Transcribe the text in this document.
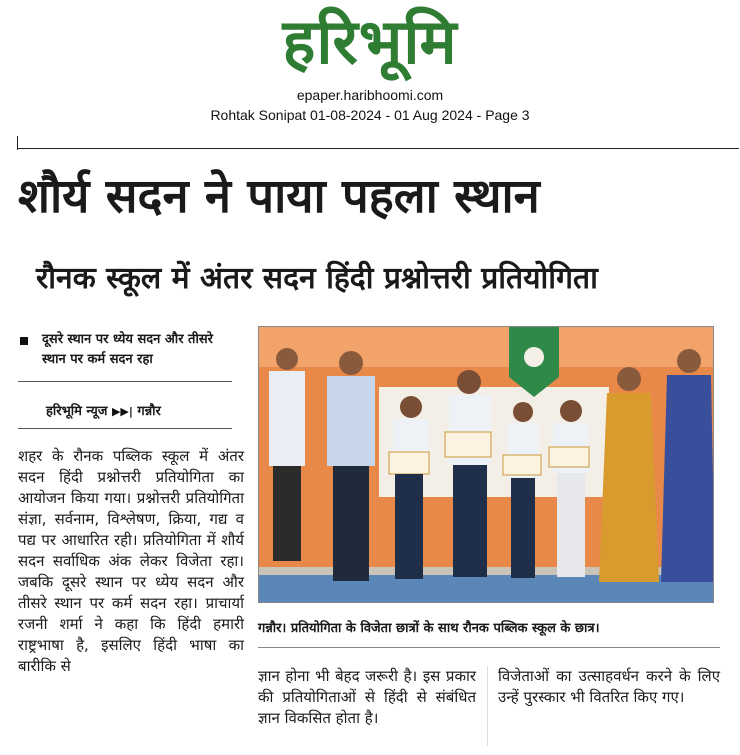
हरिभूमि
epaper.haribhoomi.com
Rohtak Sonipat 01-08-2024 - 01 Aug 2024 - Page 3
शौर्य सदन ने पाया पहला स्थान
रौनक स्कूल में अंतर सदन हिंदी प्रश्नोत्तरी प्रतियोगिता

दूसरे स्थान पर ध्येय सदन और तीसरे स्थान पर कर्म सदन रहा

हरिभूमि न्यूज ▶▶| गन्नौर

शहर के रौनक पब्लिक स्कूल में अंतर सदन हिंदी प्रश्नोत्तरी प्रतियोगिता का आयोजन किया गया। प्रश्नोत्तरी प्रतियोगिता संज्ञा, सर्वनाम, विश्लेषण, क्रिया, गद्य व पद्य पर आधारित रही। प्रतियोगिता में शौर्य सदन सर्वाधिक अंक लेकर विजेता रहा। जबकि दूसरे स्थान पर ध्येय सदन और तीसरे स्थान पर कर्म सदन रहा। प्राचार्या रजनी शर्मा ने कहा कि हिंदी हमारी राष्ट्रभाषा है, इसलिए हिंदी भाषा का बारीकि से

गन्नौर। प्रतियोगिता के विजेता छात्रों के साथ रौनक पब्लिक स्कूल के छात्र।

ज्ञान होना भी बेहद जरूरी है। इस प्रकार की प्रतियोगिताओं से हिंदी से संबंधित ज्ञान विकसित होता है।

विजेताओं का उत्साहवर्धन करने के लिए उन्हें पुरस्कार भी वितरित किए गए।
